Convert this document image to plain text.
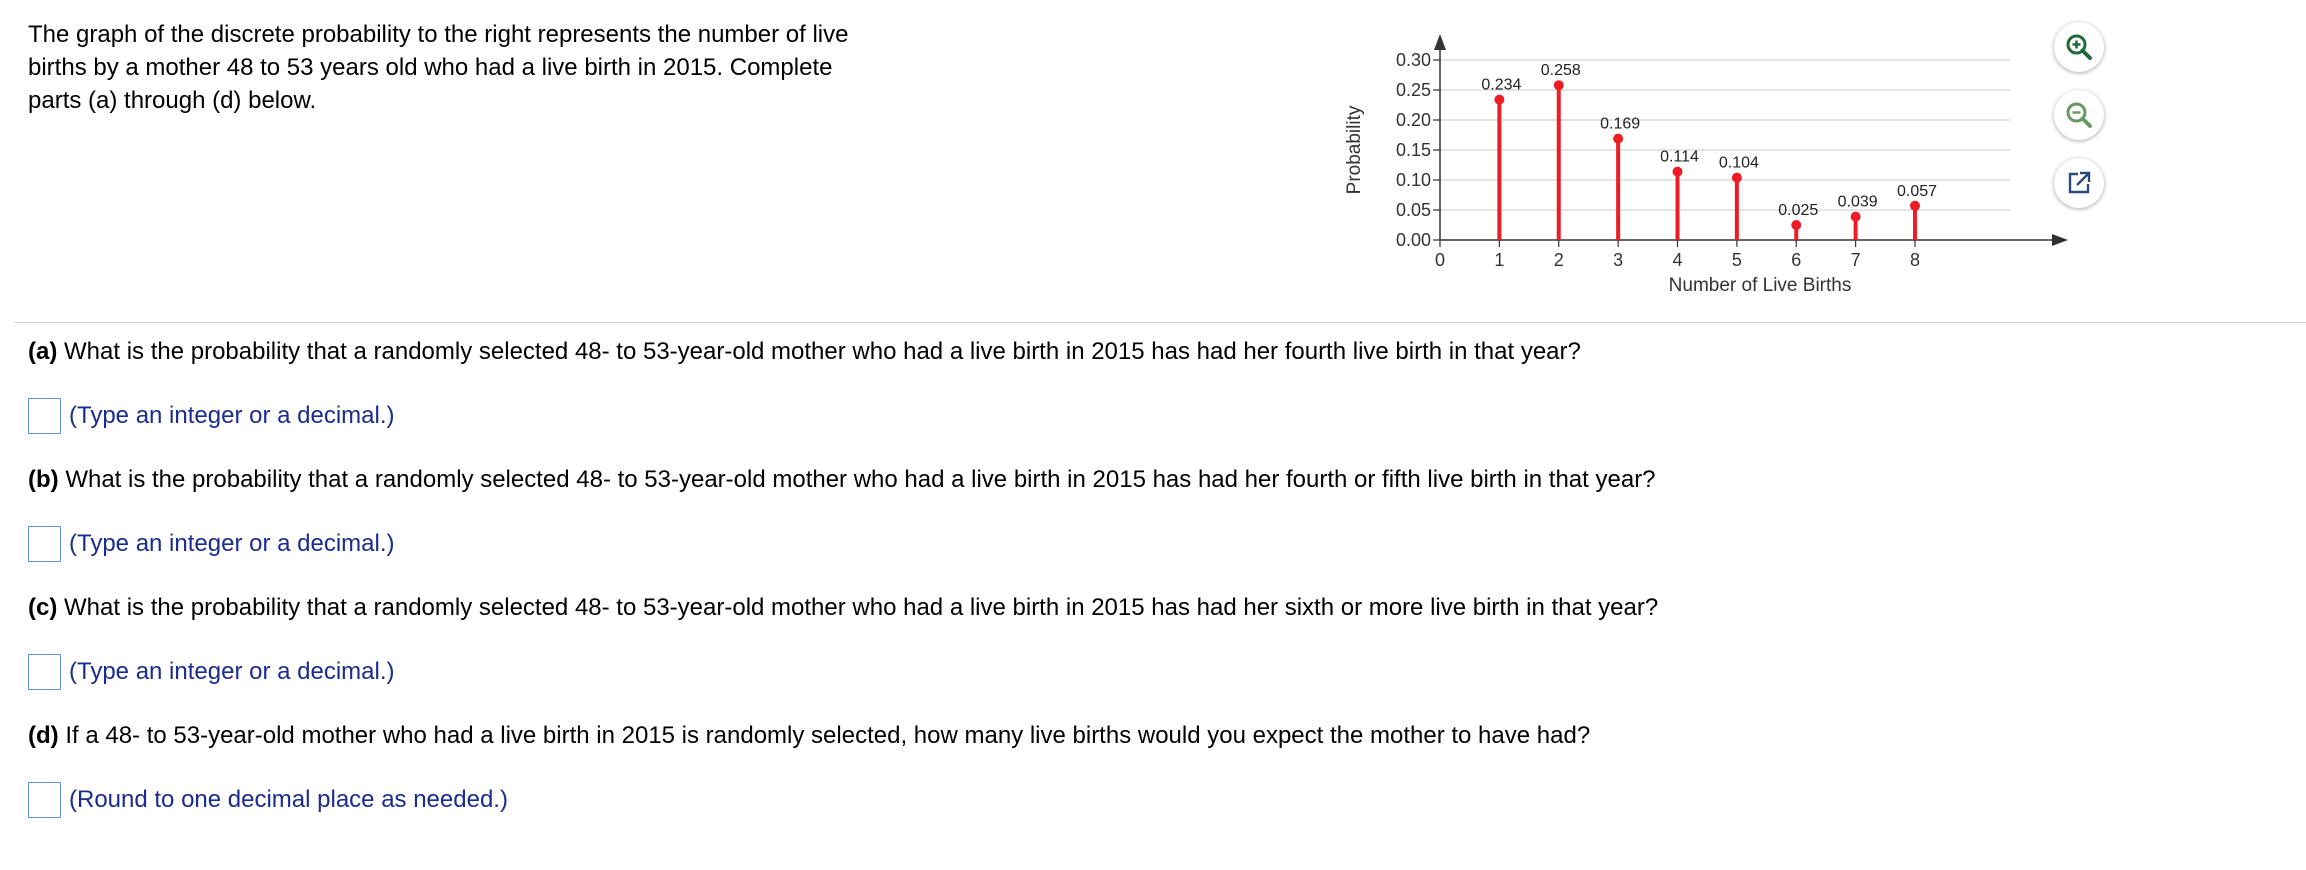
The graph of the discrete probability to the right represents the number of live births by a mother 48 to 53 years old who had a live birth in 2015. Complete parts (a) through (d) below.
0.00
0.05
0.10
0.15
0.20
0.25
0.30
0	1	2	3	4	5	6	7	8
Number of Live Births
Probability
0.234
0.258
0.169
0.114 0.104
0.025 0.039
0.057
(a) What is the probability that a randomly selected 48- to 53-year-old mother who had a live birth in 2015 has had her fourth live birth in that year?
(Type an integer or a decimal.)
(b) What is the probability that a randomly selected 48- to 53-year-old mother who had a live birth in 2015 has had her fourth or fifth live birth in that year?
(Type an integer or a decimal.)
(c) What is the probability that a randomly selected 48- to 53-year-old mother who had a live birth in 2015 has had her sixth or more live birth in that year?
(Type an integer or a decimal.)
(d) If a 48- to 53-year-old mother who had a live birth in 2015 is randomly selected, how many live births would you expect the mother to have had?
(Round to one decimal place as needed.)
